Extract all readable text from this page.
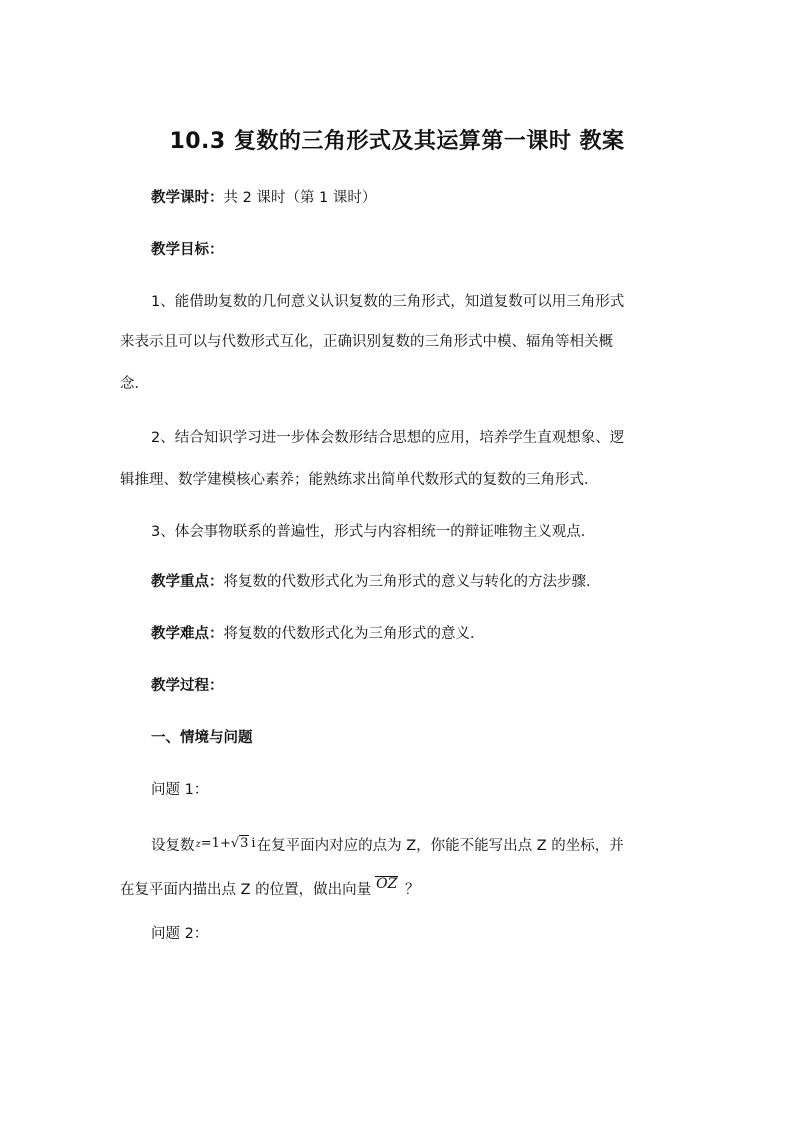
10.3 复数的三角形式及其运算第一课时 教案
教学课时：共 2 课时（第 1 课时）
教学目标：
1、能借助复数的几何意义认识复数的三角形式，知道复数可以用三角形式
来表示且可以与代数形式互化，正确识别复数的三角形式中模、辐角等相关概
念．
2、结合知识学习进一步体会数形结合思想的应用，培养学生直观想象、逻
辑推理、数学建模核心素养；能熟练求出简单代数形式的复数的三角形式．
3、体会事物联系的普遍性，形式与内容相统一的辩证唯物主义观点．
教学重点：将复数的代数形式化为三角形式的意义与转化的方法步骤．
教学难点：将复数的代数形式化为三角形式的意义．
教学过程：
一、情境与问题
问题 1：
设复数z=1+√3 i在复平面内对应的点为 Z，你能不能写出点 Z 的坐标，并
在复平面内描出点 Z 的位置，做出向量 OZ ？
问题 2：
